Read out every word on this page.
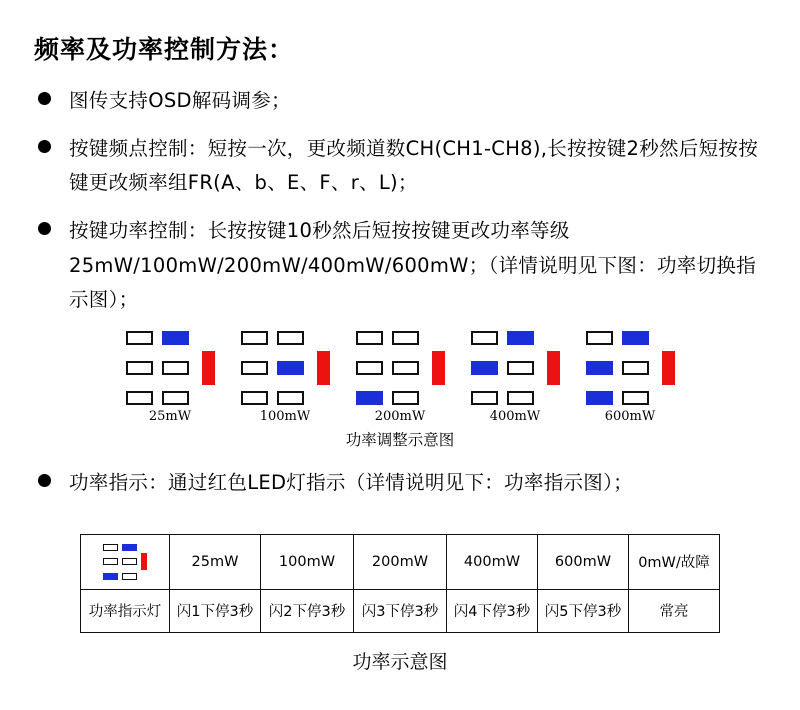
频率及功率控制方法：
图传支持OSD解码调参；
按键频点控制：短按一次，更改频道数CH(CH1-CH8),长按按键2秒然后短按按键更改频率组FR(A、b、E、F、r、L)；
按键功率控制：长按按键10秒然后短按按键更改功率等级25mW/100mW/200mW/400mW/600mW；（详情说明见下图：功率切换指示图）；
25mW	100mW	200mW	400mW	600mW
功率调整示意图
功率指示：通过红色LED灯指示（详情说明见下：功率指示图）；
	25mW	100mW	200mW	400mW	600mW	0mW/故障
功率指示灯	闪1下停3秒	闪2下停3秒	闪3下停3秒	闪4下停3秒	闪5下停3秒	常亮
功率示意图
